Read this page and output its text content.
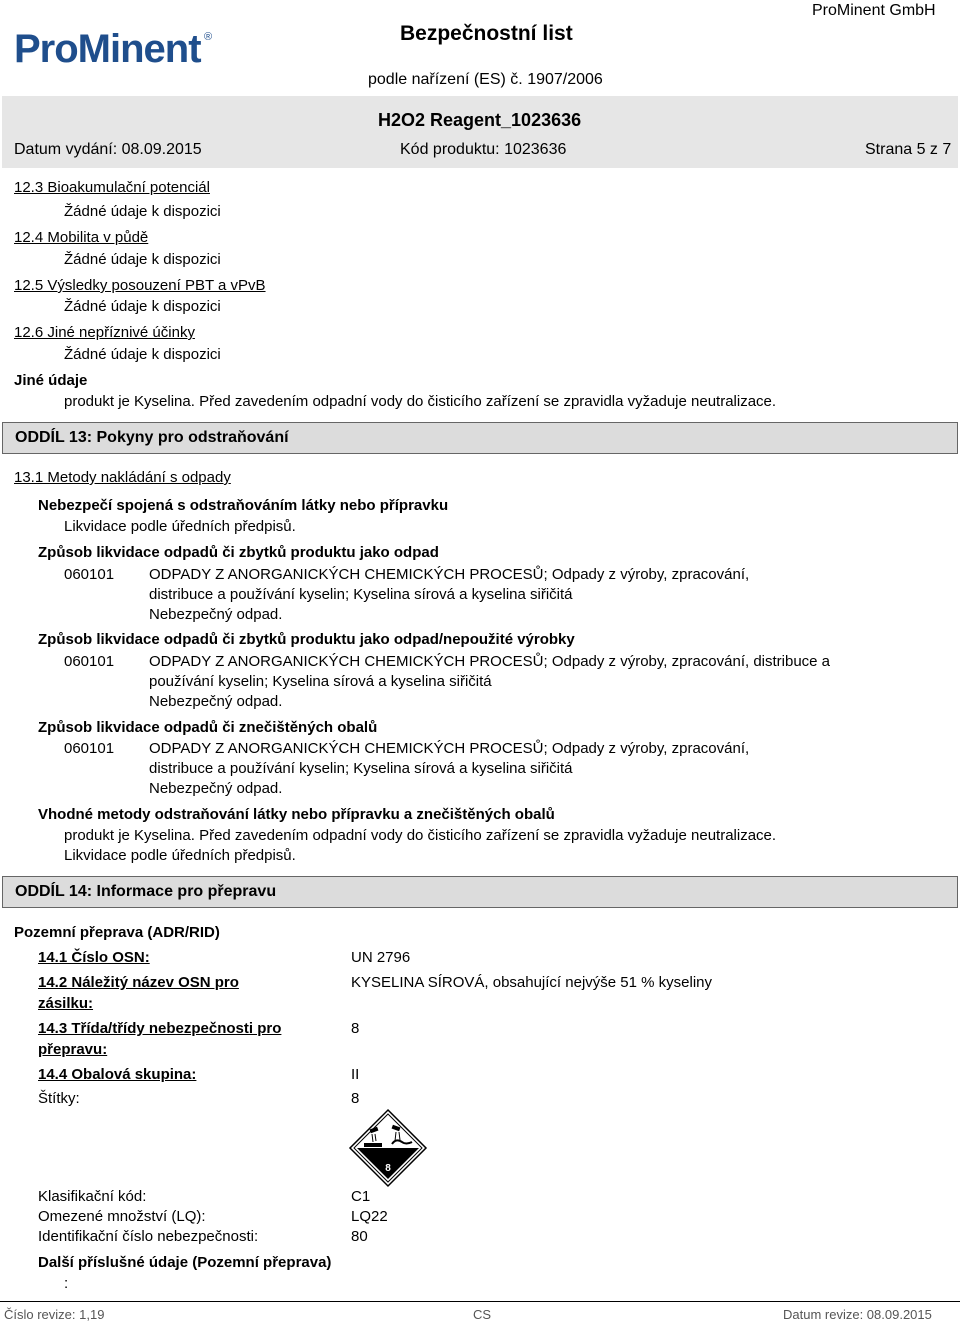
ProMinent ®
ProMinent GmbH
Bezpečnostní list
podle nařízení (ES) č. 1907/2006
H2O2 Reagent_1023636
Datum vydání: 08.09.2015	Kód produktu: 1023636	Strana 5 z 7
12.3 Bioakumulační potenciál
Žádné údaje k dispozici
12.4 Mobilita v půdě
Žádné údaje k dispozici
12.5 Výsledky posouzení PBT a vPvB
Žádné údaje k dispozici
12.6 Jiné nepříznivé účinky
Žádné údaje k dispozici
Jiné údaje
produkt je Kyselina. Před zavedením odpadní vody do čisticího zařízení se zpravidla vyžaduje neutralizace.
ODDÍL 13: Pokyny pro odstraňování
13.1 Metody nakládání s odpady
Nebezpečí spojená s odstraňováním látky nebo přípravku
Likvidace podle úředních předpisů.
Způsob likvidace odpadů či zbytků produktu jako odpad
060101 ODPADY Z ANORGANICKÝCH CHEMICKÝCH PROCESŮ; Odpady z výroby, zpracování,
distribuce a používání kyselin; Kyselina sírová a kyselina siřičitá
Nebezpečný odpad.
Způsob likvidace odpadů či zbytků produktu jako odpad/nepoužité výrobky
060101 ODPADY Z ANORGANICKÝCH CHEMICKÝCH PROCESŮ; Odpady z výroby, zpracování, distribuce a
používání kyselin; Kyselina sírová a kyselina siřičitá
Nebezpečný odpad.
Způsob likvidace odpadů či znečištěných obalů
060101 ODPADY Z ANORGANICKÝCH CHEMICKÝCH PROCESŮ; Odpady z výroby, zpracování,
distribuce a používání kyselin; Kyselina sírová a kyselina siřičitá
Nebezpečný odpad.
Vhodné metody odstraňování látky nebo přípravku a znečištěných obalů
produkt je Kyselina. Před zavedením odpadní vody do čisticího zařízení se zpravidla vyžaduje neutralizace.
Likvidace podle úředních předpisů.
ODDÍL 14: Informace pro přepravu
Pozemní přeprava (ADR/RID)
14.1 Číslo OSN:	UN 2796
14.2 Náležitý název OSN pro
zásilku:
KYSELINA SÍROVÁ, obsahující nejvýše 51 % kyseliny
14.3 Třída/třídy nebezpečnosti pro
přepravu:
8
14.4 Obalová skupina:	II
Štítky:	8
8
Klasifikační kód:	C1
Omezené množství (LQ):	LQ22
Identifikační číslo nebezpečnosti:	80
Další příslušné údaje (Pozemní přeprava)
:
Číslo revize: 1,19	CS	Datum revize: 08.09.2015
